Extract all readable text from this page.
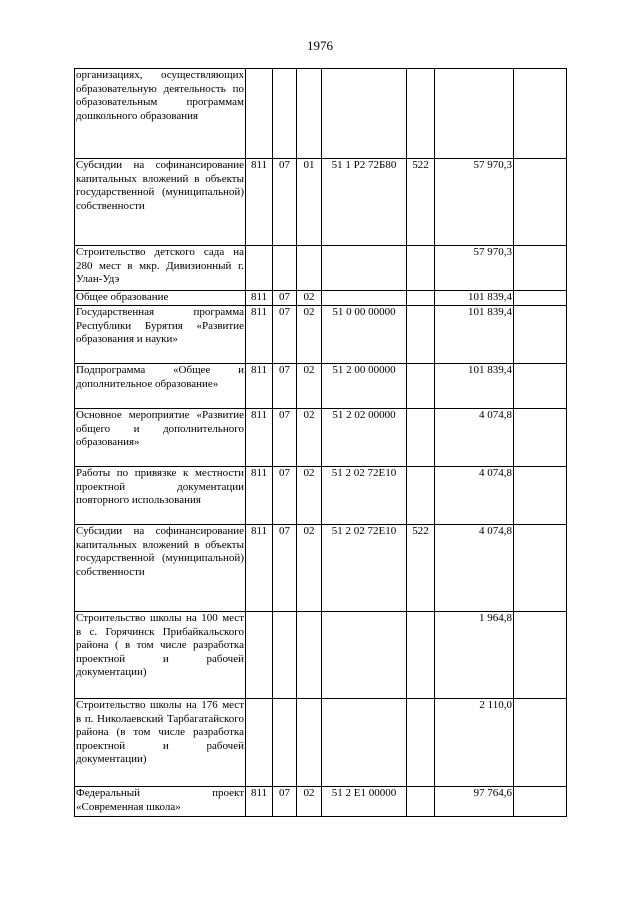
1976
организациях, осуществляющих образовательную деятельность по образовательным программам дошкольного образования							
Субсидии на софинансирование капитальных вложений в объекты государственной (муниципальной) собственности	811	07	01	51 1 P2 72Б80	522	57 970,3	
Строительство детского сада на 280 мест в мкр. Дивизионный г. Улан-Удэ						57 970,3	
Общее образование	811	07	02			101 839,4	
Государственная программа Республики Бурятия «Развитие образования и науки»	811	07	02	51 0 00 00000		101 839,4	
Подпрограмма «Общее и дополнительное образование»	811	07	02	51 2 00 00000		101 839,4	
Основное мероприятие «Развитие общего и дополнительного образования»	811	07	02	51 2 02 00000		4 074,8	
Работы по привязке к местности проектной документации повторного использования	811	07	02	51 2 02 72E10		4 074,8	
Субсидии на софинансирование капитальных вложений в объекты государственной (муниципальной) собственности	811	07	02	51 2 02 72E10	522	4 074,8	
Строительство школы на 100 мест в с. Горячинск Прибайкальского района ( в том числе разработка проектной и рабочей документации)						1 964,8	
Строительство школы на 176 мест в п. Николаевский Тарбагатайского района (в том числе разработка проектной и рабочей документации)						2 110,0	
Федеральный проект «Современная школа»	811	07	02	51 2 E1 00000		97 764,6	
